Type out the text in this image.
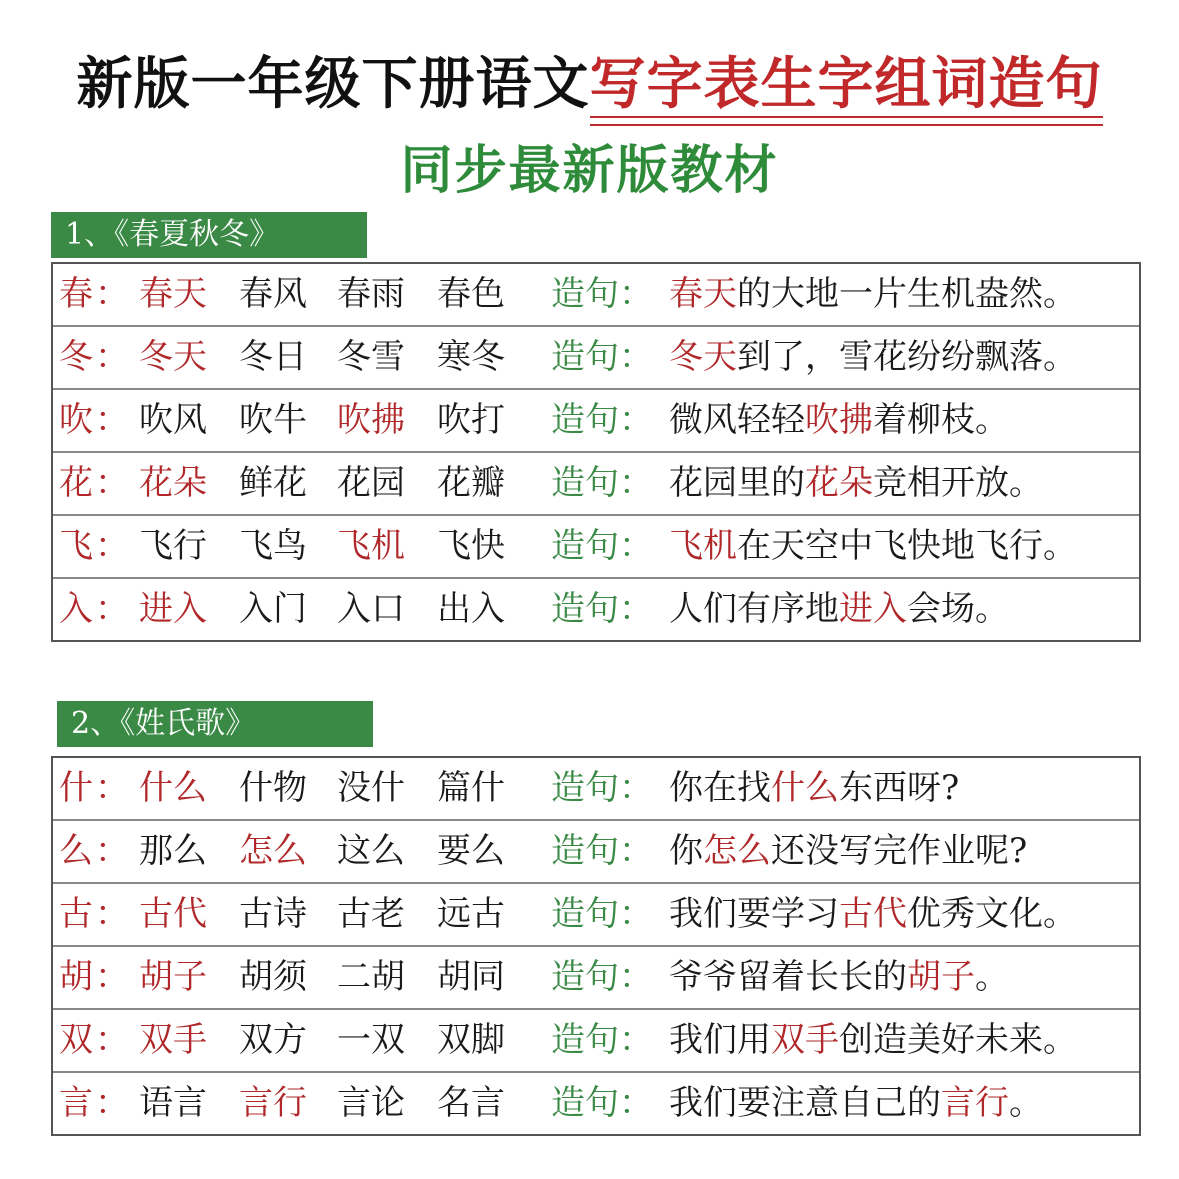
新版一年级下册语文写字表生字组词造句
同步最新版教材
1、《春夏秋冬》
春 ： 春天 春风 春雨 春色 造句： 春天的大地一片生机盎然。
冬 ： 冬天 冬日 冬雪 寒冬 造句： 冬天到了，雪花纷纷飘落。
吹 ： 吹风 吹牛 吹拂 吹打 造句： 微风轻轻吹拂着柳枝。
花 ： 花朵 鲜花 花园 花瓣 造句： 花园里的花朵竞相开放。
飞 ： 飞行 飞鸟 飞机 飞快 造句： 飞机在天空中飞快地飞行。
入 ： 进入 入门 入口 出入 造句： 人们有序地进入会场。
2、《姓氏歌》
什 ： 什么 什物 没什 篇什 造句： 你在找什么东西呀?
么 ： 那么 怎么 这么 要么 造句： 你怎么还没写完作业呢?
古 ： 古代 古诗 古老 远古 造句： 我们要学习古代优秀文化。
胡 ： 胡子 胡须 二胡 胡同 造句： 爷爷留着长长的胡子。
双 ： 双手 双方 一双 双脚 造句： 我们用双手创造美好未来。
言 ： 语言 言行 言论 名言 造句： 我们要注意自己的言行。
